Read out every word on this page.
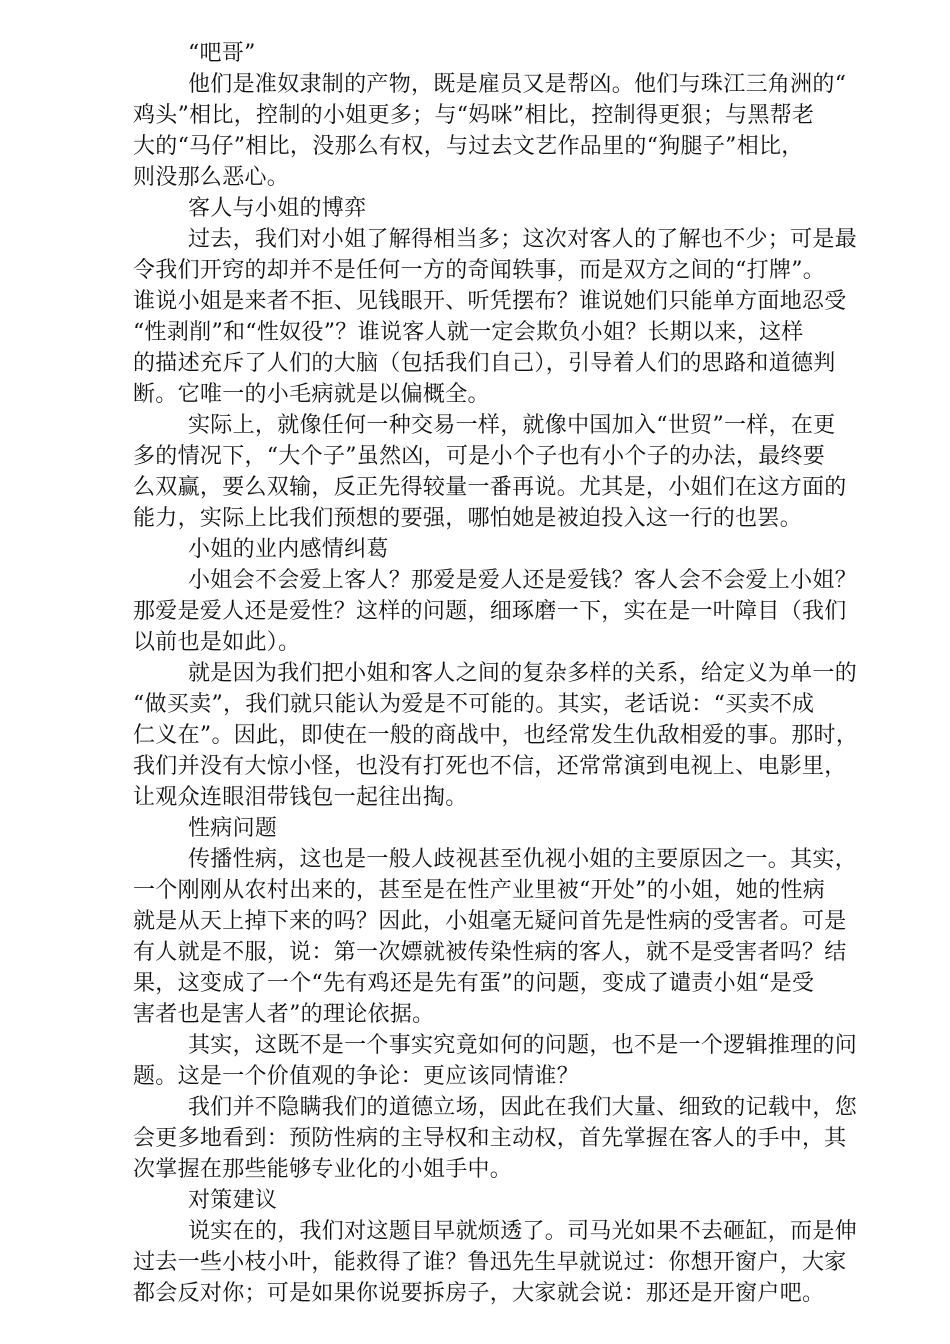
“吧哥”
他们是准奴隶制的产物，既是雇员又是帮凶。他们与珠江三角洲的“
鸡头”相比，控制的小姐更多；与“妈咪”相比，控制得更狠；与黑帮老
大的“马仔”相比，没那么有权，与过去文艺作品里的“狗腿子”相比，
则没那么恶心。
客人与小姐的博弈
过去，我们对小姐了解得相当多；这次对客人的了解也不少；可是最
令我们开窍的却并不是任何一方的奇闻轶事，而是双方之间的“打牌”。
谁说小姐是来者不拒、见钱眼开、听凭摆布？谁说她们只能单方面地忍受
“性剥削”和“性奴役”？谁说客人就一定会欺负小姐？长期以来，这样
的描述充斥了人们的大脑（包括我们自己），引导着人们的思路和道德判
断。它唯一的小毛病就是以偏概全。
实际上，就像任何一种交易一样，就像中国加入“世贸”一样，在更
多的情况下，“大个子”虽然凶，可是小个子也有小个子的办法，最终要
么双赢，要么双输，反正先得较量一番再说。尤其是，小姐们在这方面的
能力，实际上比我们预想的要强，哪怕她是被迫投入这一行的也罢。
小姐的业内感情纠葛
小姐会不会爱上客人？那爱是爱人还是爱钱？客人会不会爱上小姐？
那爱是爱人还是爱性？这样的问题，细琢磨一下，实在是一叶障目（我们
以前也是如此）。
就是因为我们把小姐和客人之间的复杂多样的关系，给定义为单一的
“做买卖”，我们就只能认为爱是不可能的。其实，老话说：“买卖不成
仁义在”。因此，即使在一般的商战中，也经常发生仇敌相爱的事。那时，
我们并没有大惊小怪，也没有打死也不信，还常常演到电视上、电影里，
让观众连眼泪带钱包一起往出掏。
性病问题
传播性病，这也是一般人歧视甚至仇视小姐的主要原因之一。其实，
一个刚刚从农村出来的，甚至是在性产业里被“开处”的小姐，她的性病
就是从天上掉下来的吗？因此，小姐毫无疑问首先是性病的受害者。可是
有人就是不服，说：第一次嫖就被传染性病的客人，就不是受害者吗？结
果，这变成了一个“先有鸡还是先有蛋”的问题，变成了谴责小姐“是受
害者也是害人者”的理论依据。
其实，这既不是一个事实究竟如何的问题，也不是一个逻辑推理的问
题。这是一个价值观的争论：更应该同情谁？
我们并不隐瞒我们的道德立场，因此在我们大量、细致的记载中，您
会更多地看到：预防性病的主导权和主动权，首先掌握在客人的手中，其
次掌握在那些能够专业化的小姐手中。
对策建议
说实在的，我们对这题目早就烦透了。司马光如果不去砸缸，而是伸
过去一些小枝小叶，能救得了谁？鲁迅先生早就说过：你想开窗户，大家
都会反对你；可是如果你说要拆房子，大家就会说：那还是开窗户吧。
